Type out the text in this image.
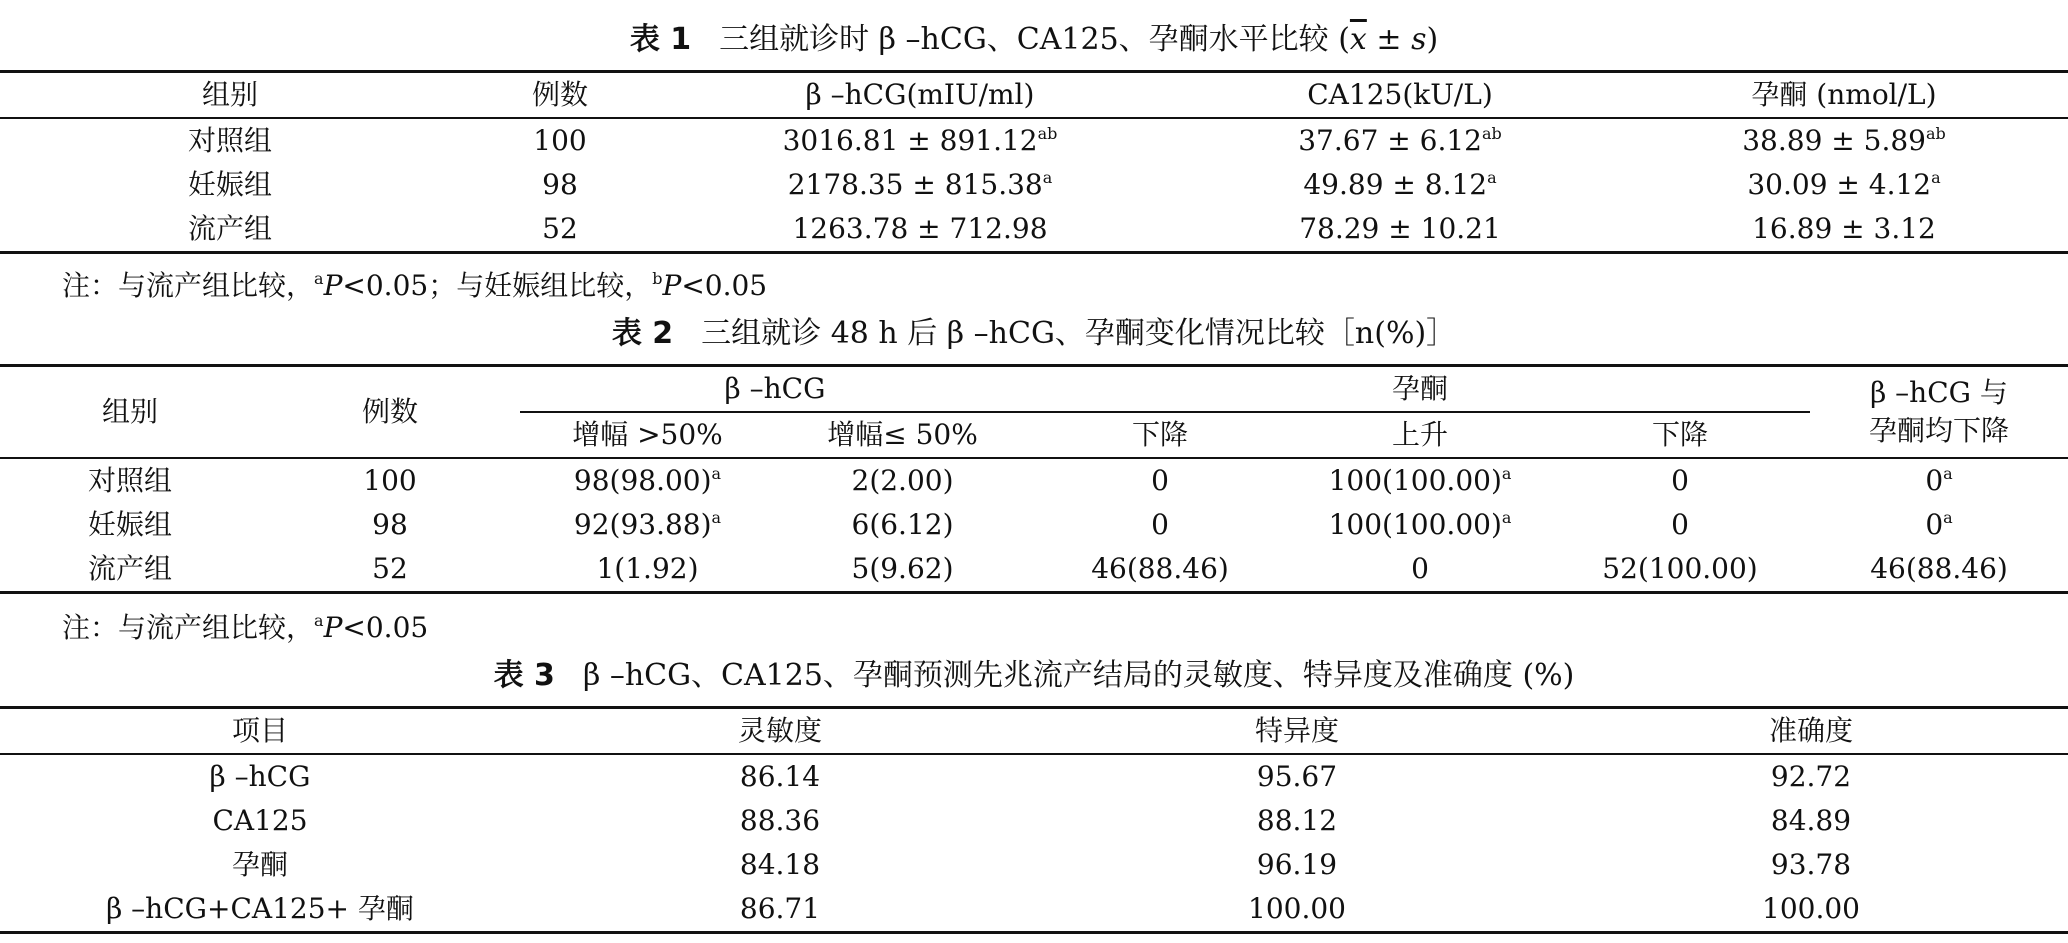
表 1 三组就诊时 β –hCG、CA125、孕酮水平比较 $(\overline{x} \pm s)$
组别	例数	β –hCG(mIU/ml)	CA125(kU/L)	孕酮 (nmol/L)
对照组	100	3016.81 ± 891.12$^{ab}$	37.67 ± 6.12$^{ab}$	38.89 ± 5.89$^{ab}$
妊娠组	98	2178.35 ± 815.38$^a$	49.89 ± 8.12$^a$	30.09 ± 4.12$^a$
流产组	52	1263.78 ± 712.98	78.29 ± 10.21	16.89 ± 3.12
注：与流产组比较，$^a$P<0.05；与妊娠组比较，$^b$P<0.05
表 2 三组就诊 48 h 后 β –hCG、孕酮变化情况比较［n(%)］
组别	例数	β –hCG		孕酮			β –hCG 与
孕酮均下降
		增幅 >50%	增幅≤ 50%	下降	上升	下降	
对照组	100	$98(98.00)^a$	2(2.00)	0	$100(100.00)^a$	0	0$^a$
妊娠组	98	$92(93.88)^a$	6(6.12)	0	$100(100.00)^a$	0	0$^a$
流产组	52	1(1.92)	5(9.62)	46(88.46)	0	52(100.00)	46(88.46)
注：与流产组比较，$^a$P<0.05
表 3 β –hCG、CA125、孕酮预测先兆流产结局的灵敏度、特异度及准确度 (%)
项目	灵敏度	特异度	准确度
β –hCG	86.14	95.67	92.72
CA125	88.36	88.12	84.89
孕酮	84.18	96.19	93.78
β –hCG+CA125+ 孕酮	86.71	100.00	100.00
